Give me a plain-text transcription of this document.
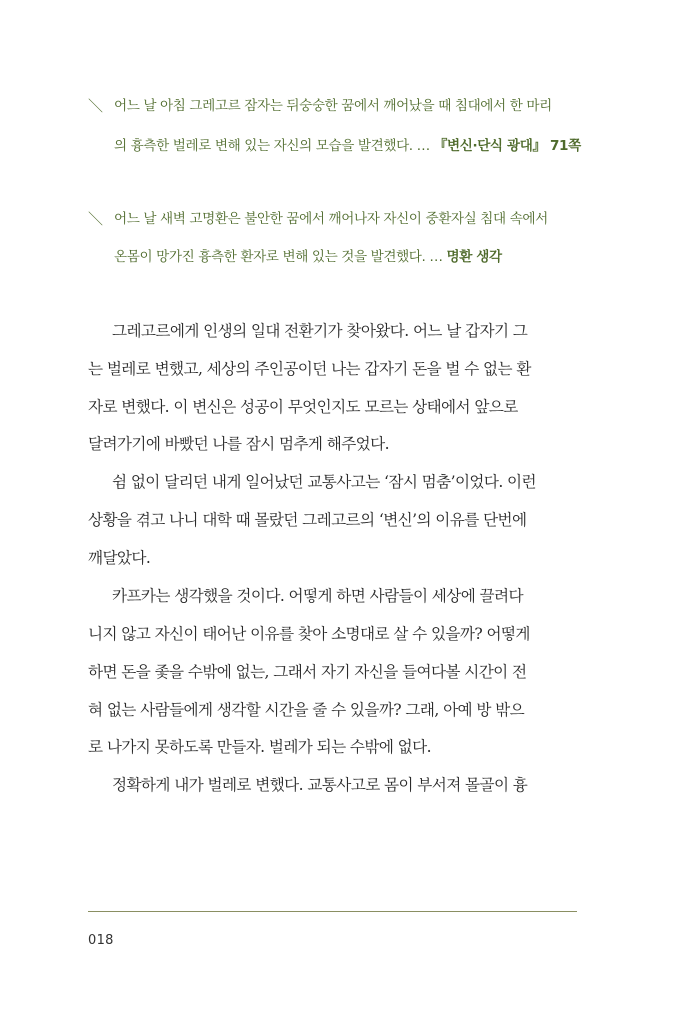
＼ 어느 날 아침 그레고르 잠자는 뒤숭숭한 꿈에서 깨어났을 때 침대에서 한 마리
의 흉측한 벌레로 변해 있는 자신의 모습을 발견했다. … 『변신·단식 광대』 71쪽
＼ 어느 날 새벽 고명환은 불안한 꿈에서 깨어나자 자신이 중환자실 침대 속에서
온몸이 망가진 흉측한 환자로 변해 있는 것을 발견했다. … 명환 생각
그레고르에게 인생의 일대 전환기가 찾아왔다. 어느 날 갑자기 그
는 벌레로 변했고, 세상의 주인공이던 나는 갑자기 돈을 벌 수 없는 환
자로 변했다. 이 변신은 성공이 무엇인지도 모르는 상태에서 앞으로
달려가기에 바빴던 나를 잠시 멈추게 해주었다.
쉼 없이 달리던 내게 일어났던 교통사고는 ‘잠시 멈춤’이었다. 이런
상황을 겪고 나니 대학 때 몰랐던 그레고르의 ‘변신’의 이유를 단번에
깨달았다.
카프카는 생각했을 것이다. 어떻게 하면 사람들이 세상에 끌려다
니지 않고 자신이 태어난 이유를 찾아 소명대로 살 수 있을까? 어떻게
하면 돈을 좇을 수밖에 없는, 그래서 자기 자신을 들여다볼 시간이 전
혀 없는 사람들에게 생각할 시간을 줄 수 있을까? 그래, 아예 방 밖으
로 나가지 못하도록 만들자. 벌레가 되는 수밖에 없다.
정확하게 내가 벌레로 변했다. 교통사고로 몸이 부서져 몰골이 흉
018
